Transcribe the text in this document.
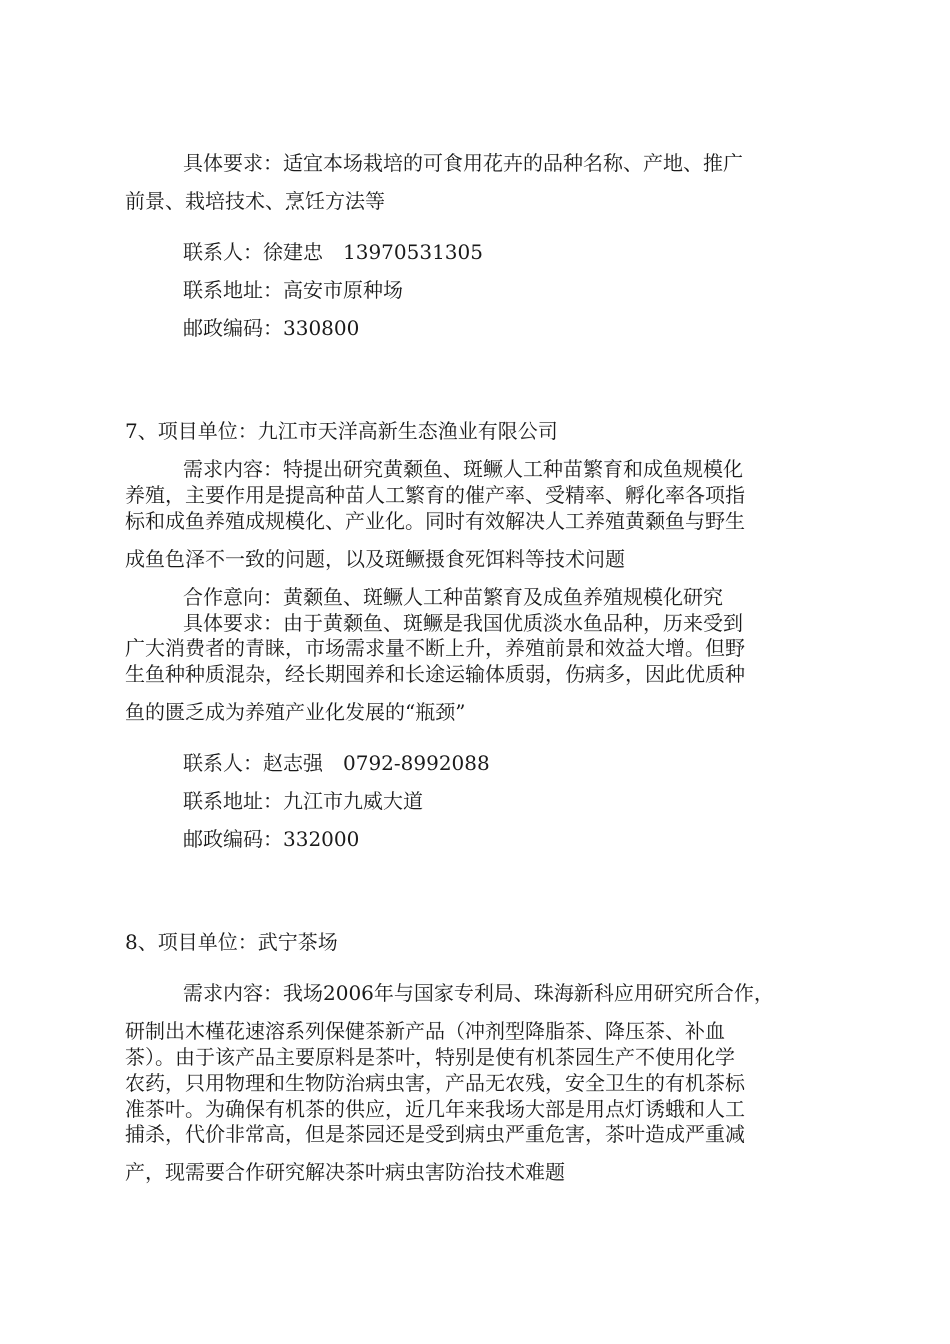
具体要求：适宜本场栽培的可食用花卉的品种名称、产地、推广
前景、栽培技术、烹饪方法等
联系人：徐建忠　13970531305
联系地址：高安市原种场
邮政编码：330800
7、项目单位：九江市天洋高新生态渔业有限公司
需求内容：特提出研究黄颡鱼、斑鳜人工种苗繁育和成鱼规模化
养殖，主要作用是提高种苗人工繁育的催产率、受精率、孵化率各项指
标和成鱼养殖成规模化、产业化。同时有效解决人工养殖黄颡鱼与野生
成鱼色泽不一致的问题，以及斑鳜摄食死饵料等技术问题
合作意向：黄颡鱼、斑鳜人工种苗繁育及成鱼养殖规模化研究
具体要求：由于黄颡鱼、斑鳜是我国优质淡水鱼品种，历来受到
广大消费者的青睐，市场需求量不断上升，养殖前景和效益大增。但野
生鱼种种质混杂，经长期囤养和长途运输体质弱，伤病多，因此优质种
鱼的匮乏成为养殖产业化发展的“瓶颈”
联系人：赵志强　0792-8992088
联系地址：九江市九威大道
邮政编码：332000
8、项目单位：武宁茶场
需求内容：我场2006年与国家专利局、珠海新科应用研究所合作，
研制出木槿花速溶系列保健茶新产品（冲剂型降脂茶、降压茶、补血
茶）。由于该产品主要原料是茶叶，特别是使有机茶园生产不使用化学
农药，只用物理和生物防治病虫害，产品无农残，安全卫生的有机茶标
准茶叶。为确保有机茶的供应，近几年来我场大部是用点灯诱蛾和人工
捕杀，代价非常高，但是茶园还是受到病虫严重危害，茶叶造成严重减
产，现需要合作研究解决茶叶病虫害防治技术难题
